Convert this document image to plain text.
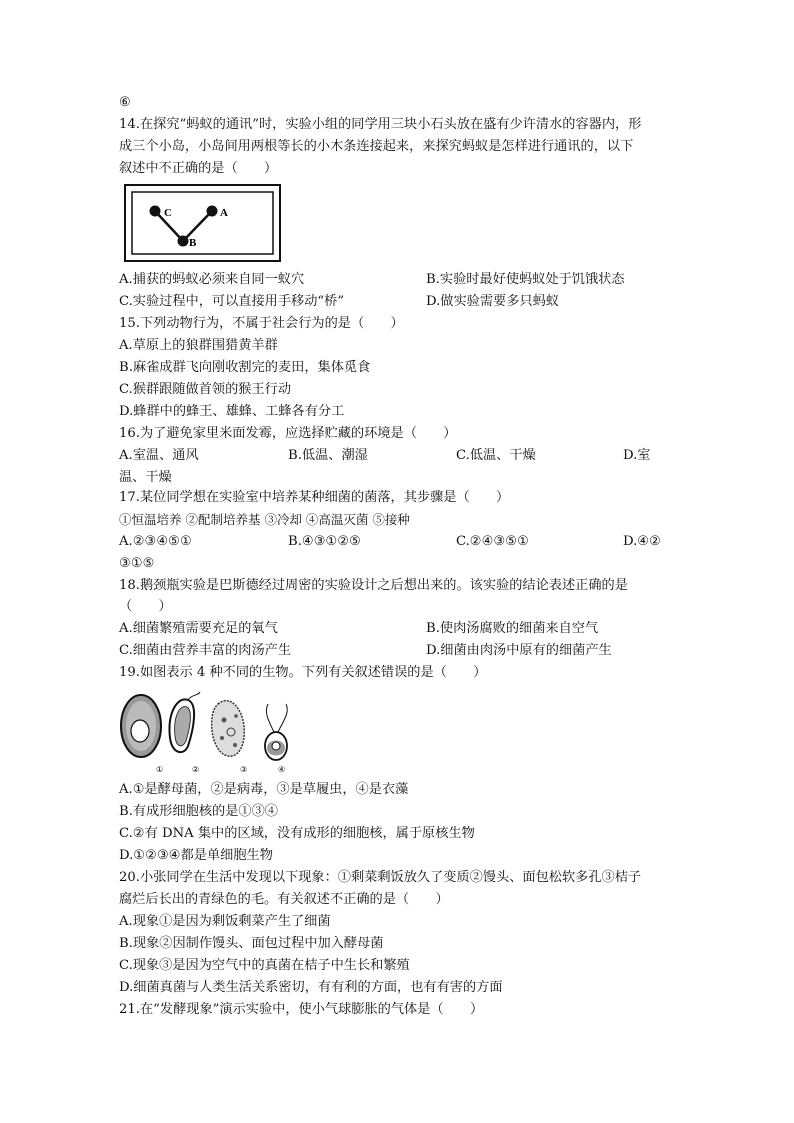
⑥
14.在探究“蚂蚁的通讯”时，实验小组的同学用三块小石头放在盛有少许清水的容器内，形
成三个小岛，小岛间用两根等长的小木条连接起来，来探究蚂蚁是怎样进行通讯的，以下
叙述中不正确的是（　　）
C	A
B
A.捕获的蚂蚁必须来自同一蚁穴	B.实验时最好使蚂蚁处于饥饿状态
C.实验过程中，可以直接用手移动“桥”	D.做实验需要多只蚂蚁
15.下列动物行为，不属于社会行为的是（　　）
A.草原上的狼群围猎黄羊群
B.麻雀成群飞向刚收割完的麦田，集体觅食
C.猴群跟随做首领的猴王行动
D.蜂群中的蜂王、雄蜂、工蜂各有分工
16.为了避免家里米面发霉，应选择贮藏的环境是（　　）
A.室温、通风	B.低温、潮湿	C.低温、干燥	D.室
温、干燥
17.某位同学想在实验室中培养某种细菌的菌落，其步骤是（　　）
①恒温培养 ②配制培养基 ③冷却 ④高温灭菌 ⑤接种
A.②③④⑤①	B.④③①②⑤	C.②④③⑤①	D.④②
③①⑤
18.鹅颈瓶实验是巴斯德经过周密的实验设计之后想出来的。该实验的结论表述正确的是
（　　）
A.细菌繁殖需要充足的氧气	B.使肉汤腐败的细菌来自空气
C.细菌由营养丰富的肉汤产生	D.细菌由肉汤中原有的细菌产生
19.如图表示 4 种不同的生物。下列有关叙述错误的是（　　）
①	②	③	④
A.①是酵母菌，②是病毒，③是草履虫，④是衣藻
B.有成形细胞核的是①③④
C.②有 DNA 集中的区域，没有成形的细胞核，属于原核生物
D.①②③④都是单细胞生物
20.小张同学在生活中发现以下现象：①剩菜剩饭放久了变质②馒头、面包松软多孔③桔子
腐烂后长出的青绿色的毛。有关叙述不正确的是（　　）
A.现象①是因为剩饭剩菜产生了细菌
B.现象②因制作馒头、面包过程中加入酵母菌
C.现象③是因为空气中的真菌在桔子中生长和繁殖
D.细菌真菌与人类生活关系密切，有有利的方面，也有有害的方面
21.在“发酵现象”演示实验中，使小气球膨胀的气体是（　　）
